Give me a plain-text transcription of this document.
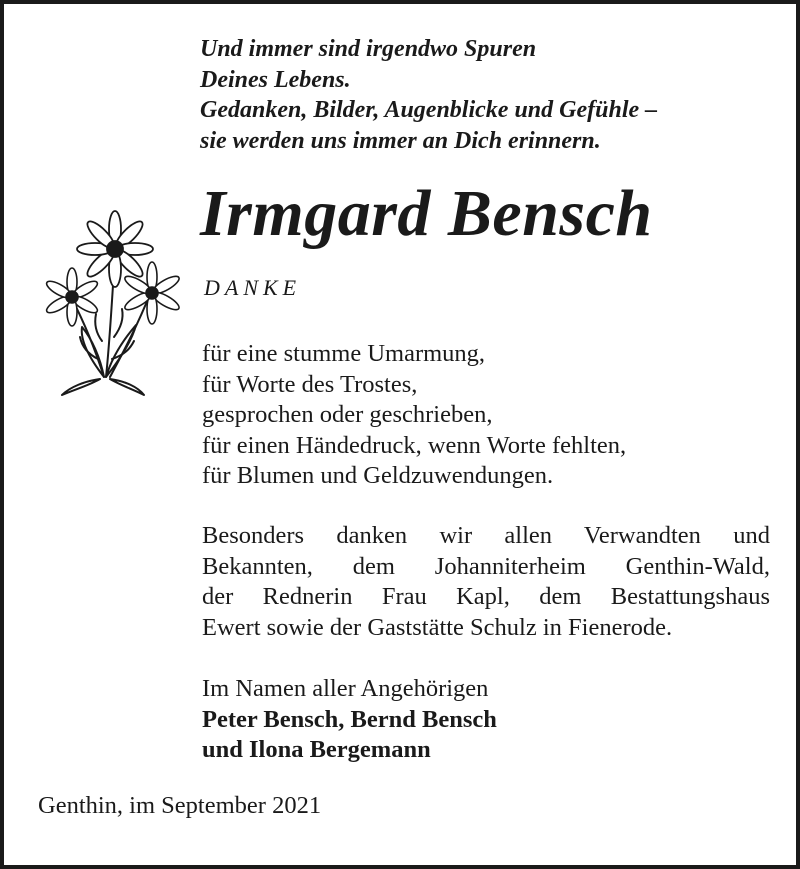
Und immer sind irgendwo Spuren
Deines Lebens.
Gedanken, Bilder, Augenblicke und Gefühle –
sie werden uns immer an Dich erinnern.
Irmgard Bensch
DANKE
für eine stumme Umarmung,
für Worte des Trostes,
gesprochen oder geschrieben,
für einen Händedruck, wenn Worte fehlten,
für Blumen und Geldzuwendungen.
Besonders danken wir allen Verwandten und
Bekannten, dem Johanniterheim Genthin-Wald,
der Rednerin Frau Kapl, dem Bestattungshaus
Ewert sowie der Gaststätte Schulz in Fienerode.
Im Namen aller Angehörigen
Peter Bensch, Bernd Bensch
und Ilona Bergemann
Genthin, im September 2021
